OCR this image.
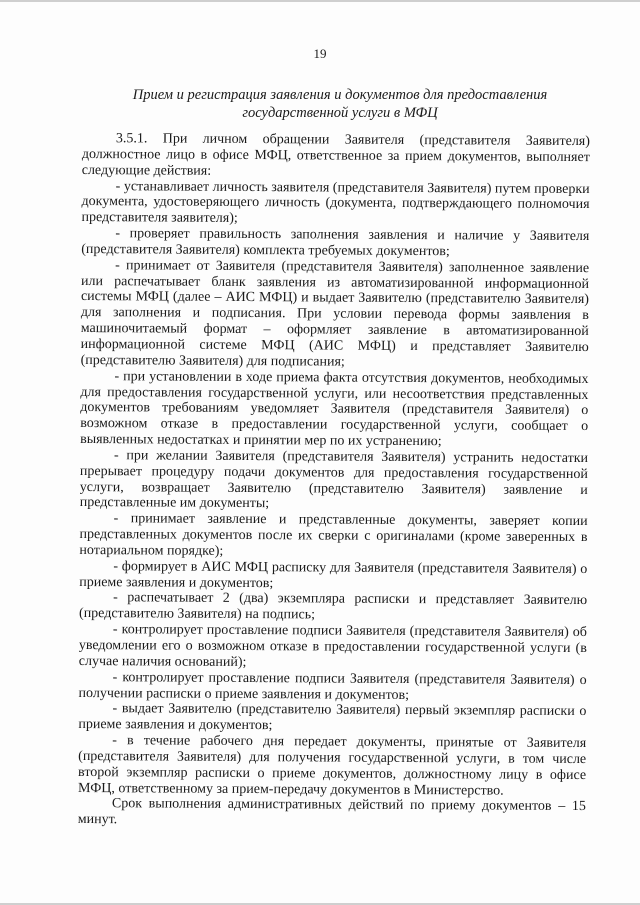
19
Прием и регистрация заявления и документов для предоставления
государственной услуги в МФЦ

3.5.1. При личном обращении Заявителя (представителя Заявителя) должностное лицо в офисе МФЦ, ответственное за прием документов, выполняет следующие действия:

- устанавливает личность заявителя (представителя Заявителя) путем проверки документа, удостоверяющего личность (документа, подтверждающего полномочия представителя заявителя);

- проверяет правильность заполнения заявления и наличие у Заявителя (представителя Заявителя) комплекта требуемых документов;

- принимает от Заявителя (представителя Заявителя) заполненное заявление или распечатывает бланк заявления из автоматизированной информационной системы МФЦ (далее – АИС МФЦ) и выдает Заявителю (представителю Заявителя) для заполнения и подписания. При условии перевода формы заявления в машиночитаемый формат – оформляет заявление в автоматизированной информационной системе МФЦ (АИС МФЦ) и представляет Заявителю (представителю Заявителя) для подписания;

- при установлении в ходе приема факта отсутствия документов, необходимых для предоставления государственной услуги, или несоответствия представленных документов требованиям уведомляет Заявителя (представителя Заявителя) о возможном отказе в предоставлении государственной услуги, сообщает о выявленных недостатках и принятии мер по их устранению;

- при желании Заявителя (представителя Заявителя) устранить недостатки прерывает процедуру подачи документов для предоставления государственной услуги, возвращает Заявителю (представителю Заявителя) заявление и представленные им документы;

- принимает заявление и представленные документы, заверяет копии представленных документов после их сверки с оригиналами (кроме заверенных в нотариальном порядке);

- формирует в АИС МФЦ расписку для Заявителя (представителя Заявителя) о приеме заявления и документов;

- распечатывает 2 (два) экземпляра расписки и представляет Заявителю (представителю Заявителя) на подпись;

- контролирует проставление подписи Заявителя (представителя Заявителя) об уведомлении его о возможном отказе в предоставлении государственной услуги (в случае наличия оснований);

- контролирует проставление подписи Заявителя (представителя Заявителя) о получении расписки о приеме заявления и документов;

- выдает Заявителю (представителю Заявителя) первый экземпляр расписки о приеме заявления и документов;

- в течение рабочего дня передает документы, принятые от Заявителя (представителя Заявителя) для получения государственной услуги, в том числе второй экземпляр расписки о приеме документов, должностному лицу в офисе МФЦ, ответственному за прием-передачу документов в Министерство.

Срок выполнения административных действий по приему документов – 15 минут.
